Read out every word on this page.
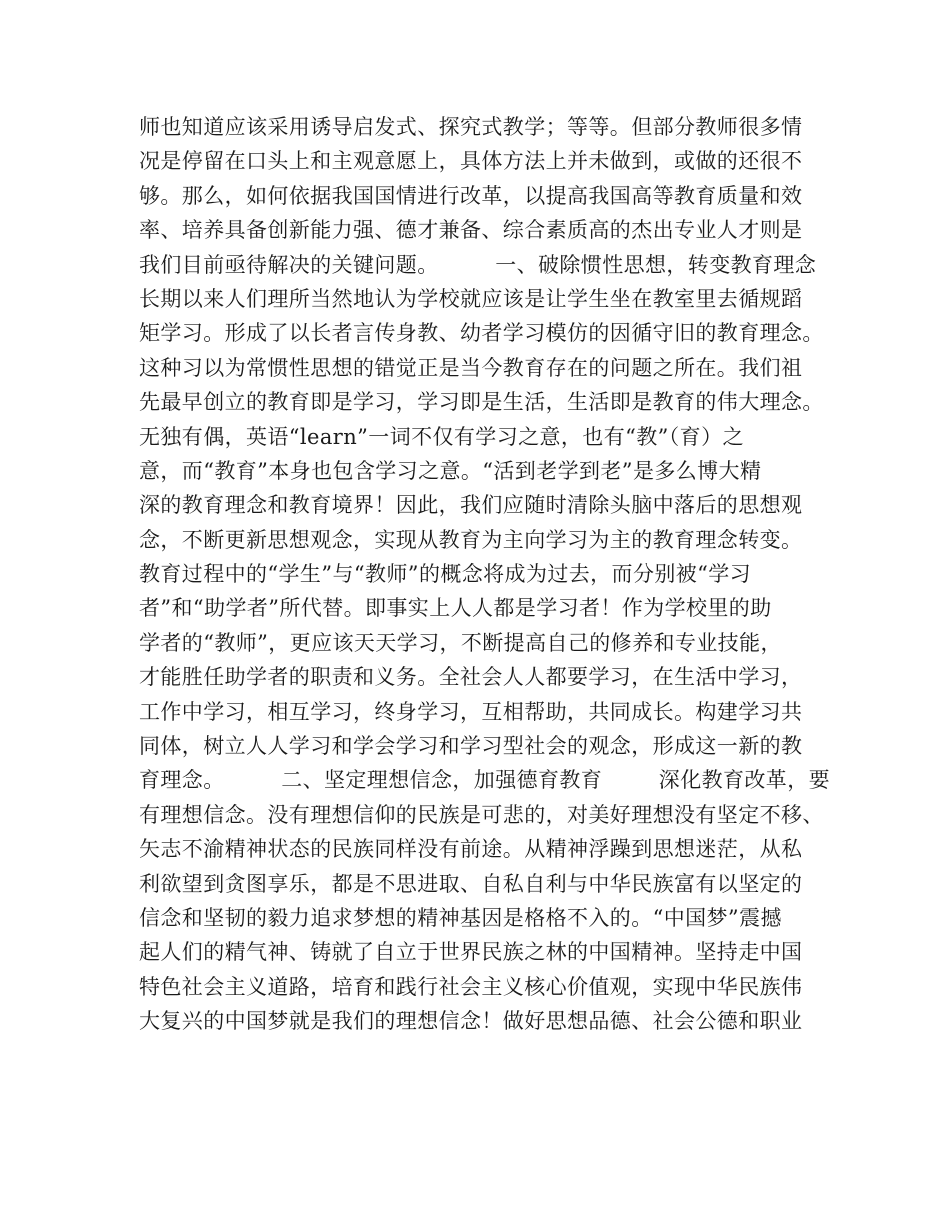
师也知道应该采用诱导启发式、探究式教学；等等。但部分教师很多情
况是停留在口头上和主观意愿上，具体方法上并未做到，或做的还很不
够。那么，如何依据我国国情进行改革，以提高我国高等教育质量和效
率、培养具备创新能力强、德才兼备、综合素质高的杰出专业人才则是
我们目前亟待解决的关键问题。        一、破除惯性思想，转变教育理念
长期以来人们理所当然地认为学校就应该是让学生坐在教室里去循规蹈
矩学习。形成了以长者言传身教、幼者学习模仿的因循守旧的教育理念。
这种习以为常惯性思想的错觉正是当今教育存在的问题之所在。我们祖
先最早创立的教育即是学习，学习即是生活，生活即是教育的伟大理念。
无独有偶，英语“learn”一词不仅有学习之意，也有“教”（育）之
意，而“教育”本身也包含学习之意。“活到老学到老”是多么博大精
深的教育理念和教育境界！因此，我们应随时清除头脑中落后的思想观
念，不断更新思想观念，实现从教育为主向学习为主的教育理念转变。
教育过程中的“学生”与“教师”的概念将成为过去，而分别被“学习
者”和“助学者”所代替。即事实上人人都是学习者！作为学校里的助
学者的“教师”，更应该天天学习，不断提高自己的修养和专业技能，
才能胜任助学者的职责和义务。全社会人人都要学习，在生活中学习，
工作中学习，相互学习，终身学习，互相帮助，共同成长。构建学习共
同体，树立人人学习和学会学习和学习型社会的观念，形成这一新的教
育理念。        二、坚定理想信念，加强德育教育        深化教育改革，要
有理想信念。没有理想信仰的民族是可悲的，对美好理想没有坚定不移、
矢志不渝精神状态的民族同样没有前途。从精神浮躁到思想迷茫，从私
利欲望到贪图享乐，都是不思进取、自私自利与中华民族富有以坚定的
信念和坚韧的毅力追求梦想的精神基因是格格不入的。“中国梦”震撼
起人们的精气神、铸就了自立于世界民族之林的中国精神。坚持走中国
特色社会主义道路，培育和践行社会主义核心价值观，实现中华民族伟
大复兴的中国梦就是我们的理想信念！做好思想品德、社会公德和职业
